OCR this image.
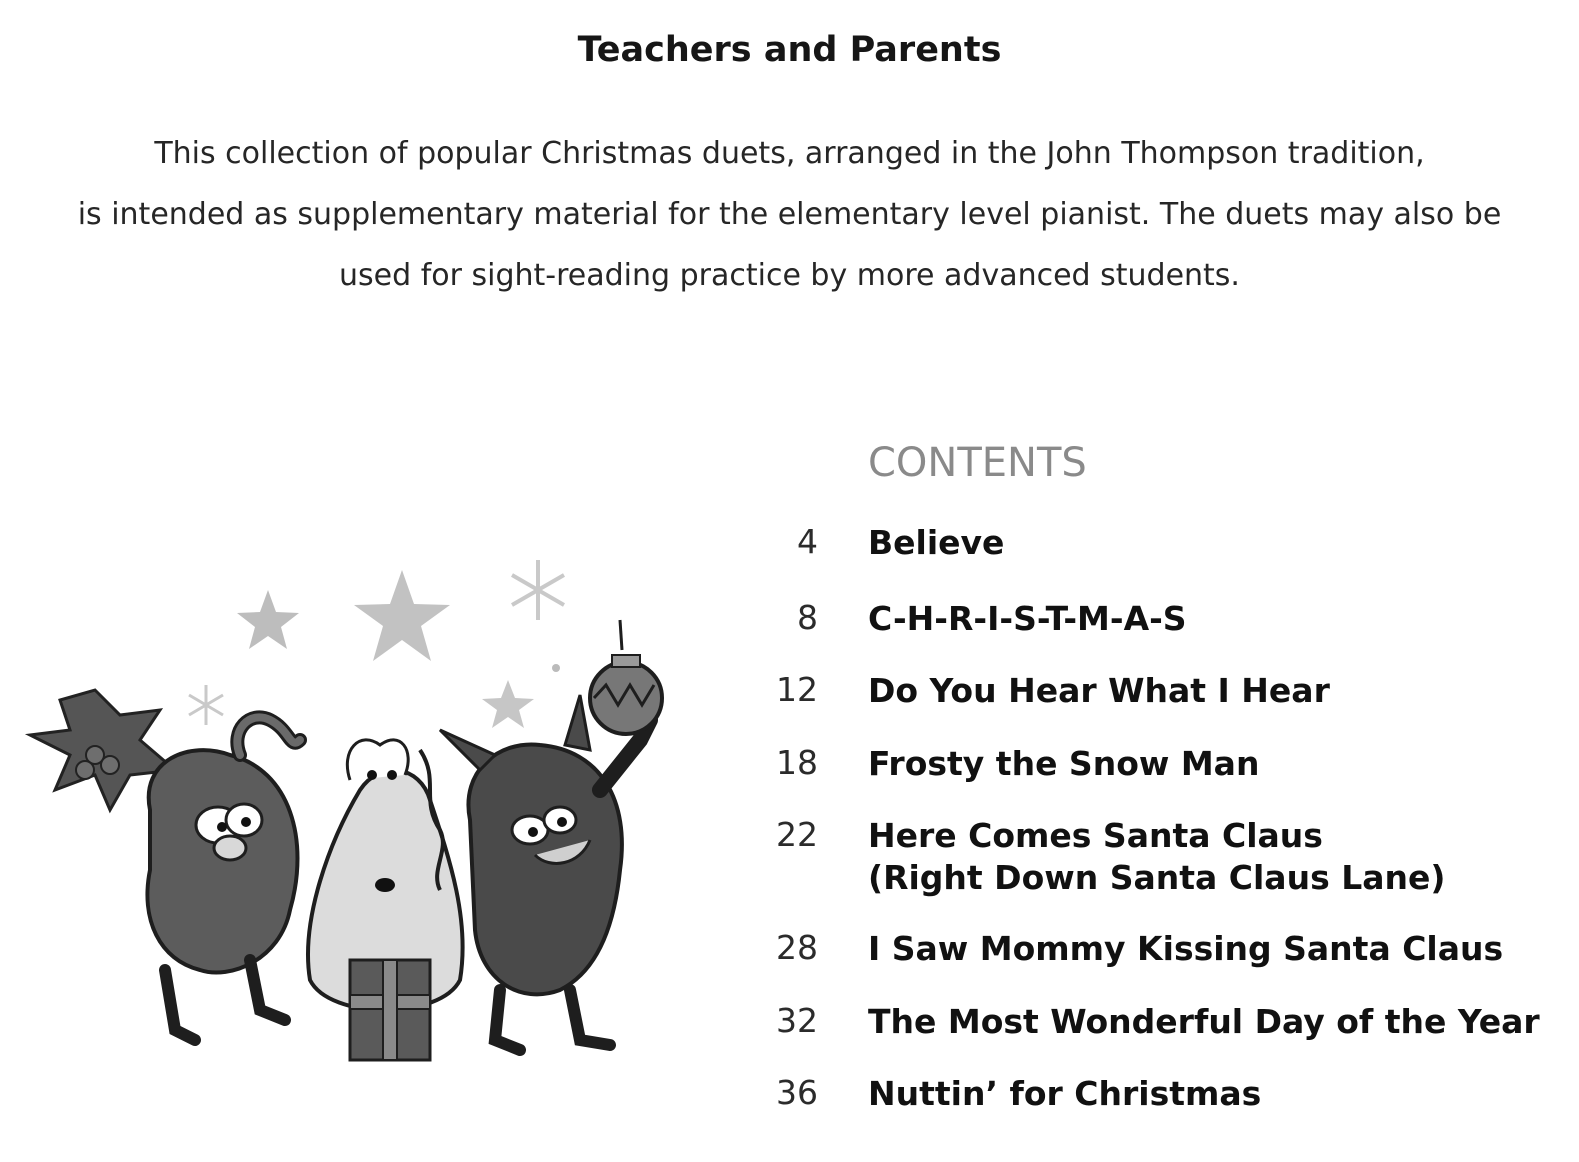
Teachers and Parents
This collection of popular Christmas duets, arranged in the John Thompson tradition,
is intended as supplementary material for the elementary level pianist. The duets may also be
used for sight-reading practice by more advanced students.
CONTENTS
4 Believe
8 C-H-R-I-S-T-M-A-S
12 Do You Hear What I Hear
18 Frosty the Snow Man
22 Here Comes Santa Claus
(Right Down Santa Claus Lane)
28 I Saw Mommy Kissing Santa Claus
32 The Most Wonderful Day of the Year
36 Nuttin’ for Christmas
